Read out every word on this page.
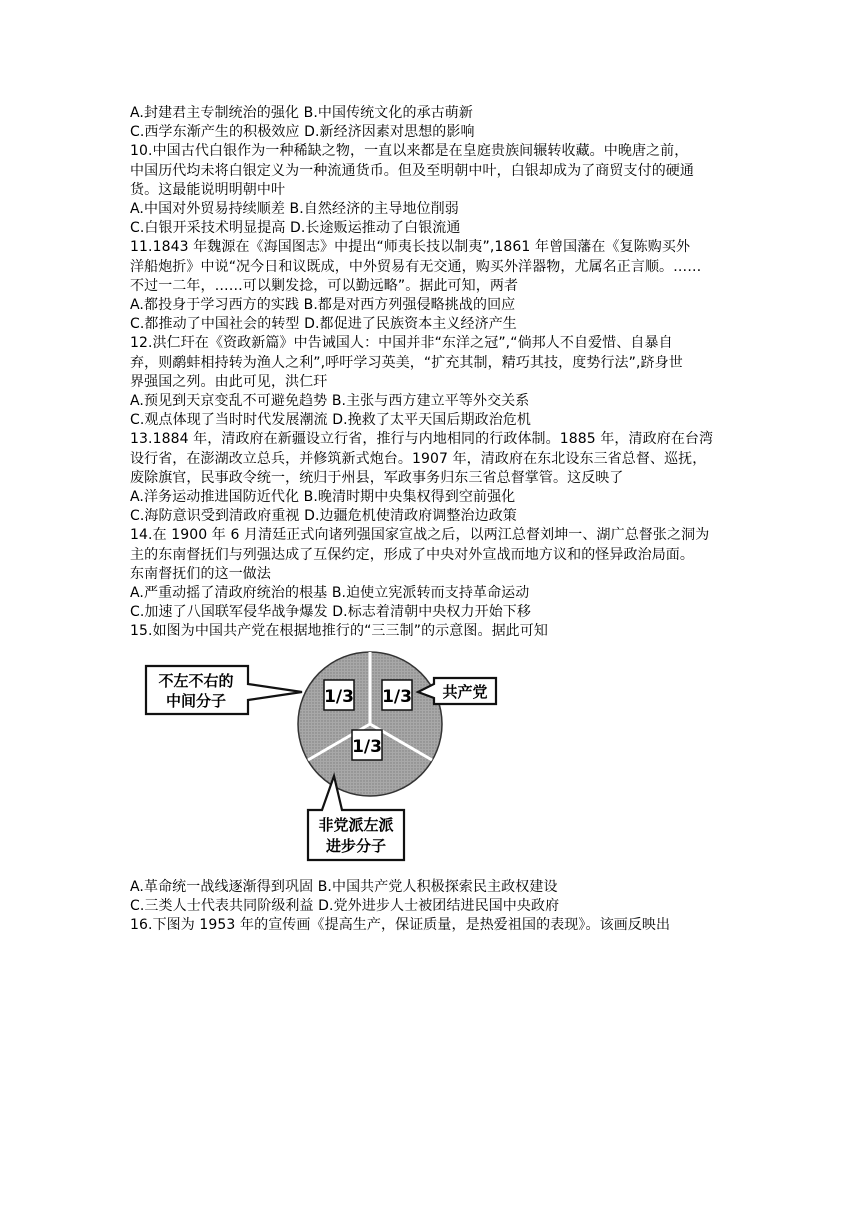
A.封建君主专制统治的强化 B.中国传统文化的承古萌新
C.西学东渐产生的积极效应 D.新经济因素对思想的影响
10.中国古代白银作为一种稀缺之物，一直以来都是在皇庭贵族间辗转收藏。中晚唐之前，
中国历代均未将白银定义为一种流通货币。但及至明朝中叶，白银却成为了商贸支付的硬通
货。这最能说明明朝中叶
A.中国对外贸易持续顺差 B.自然经济的主导地位削弱
C.白银开采技术明显提高 D.长途贩运推动了白银流通
11.1843 年魏源在《海国图志》中提出“师夷长技以制夷”,1861 年曾国藩在《复陈购买外
洋船炮折》中说“况今日和议既成，中外贸易有无交通，购买外洋器物，尤属名正言顺。……
不过一二年，……可以剿发捻，可以勤远略”。据此可知，两者
A.都投身于学习西方的实践 B.都是对西方列强侵略挑战的回应
C.都推动了中国社会的转型 D.都促进了民族资本主义经济产生
12.洪仁玕在《资政新篇》中告诫国人：中国并非“东洋之冠”,“倘邦人不自爱惜、自暴自
弃，则鹬蚌相持转为渔人之利”,呼吁学习英美，“扩充其制，精巧其技，度势行法”,跻身世
界强国之列。由此可见，洪仁玕
A.预见到天京变乱不可避免趋势 B.主张与西方建立平等外交关系
C.观点体现了当时时代发展潮流 D.挽救了太平天国后期政治危机
13.1884 年，清政府在新疆设立行省，推行与内地相同的行政体制。1885 年，清政府在台湾
设行省，在澎湖改立总兵，并修筑新式炮台。1907 年，清政府在东北设东三省总督、巡抚，
废除旗官，民事政令统一，统归于州县，军政事务归东三省总督掌管。这反映了
A.洋务运动推进国防近代化 B.晚清时期中央集权得到空前强化
C.海防意识受到清政府重视 D.边疆危机使清政府调整治边政策
14.在 1900 年 6 月清廷正式向诸列强国家宣战之后，以两江总督刘坤一、湖广总督张之洞为
主的东南督抚们与列强达成了互保约定，形成了中央对外宣战而地方议和的怪异政治局面。
东南督抚们的这一做法
A.严重动摇了清政府统治的根基 B.迫使立宪派转而支持革命运动
C.加速了八国联军侵华战争爆发 D.标志着清朝中央权力开始下移
15.如图为中国共产党在根据地推行的“三三制”的示意图。据此可知
1/3 1/3
1/3
不左不右的
中间分子	共产党
非党派左派
进步分子
A.革命统一战线逐渐得到巩固 B.中国共产党人积极探索民主政权建设
C.三类人士代表共同阶级利益 D.党外进步人士被团结进民国中央政府
16.下图为 1953 年的宣传画《提高生产，保证质量，是热爱祖国的表现》。该画反映出
